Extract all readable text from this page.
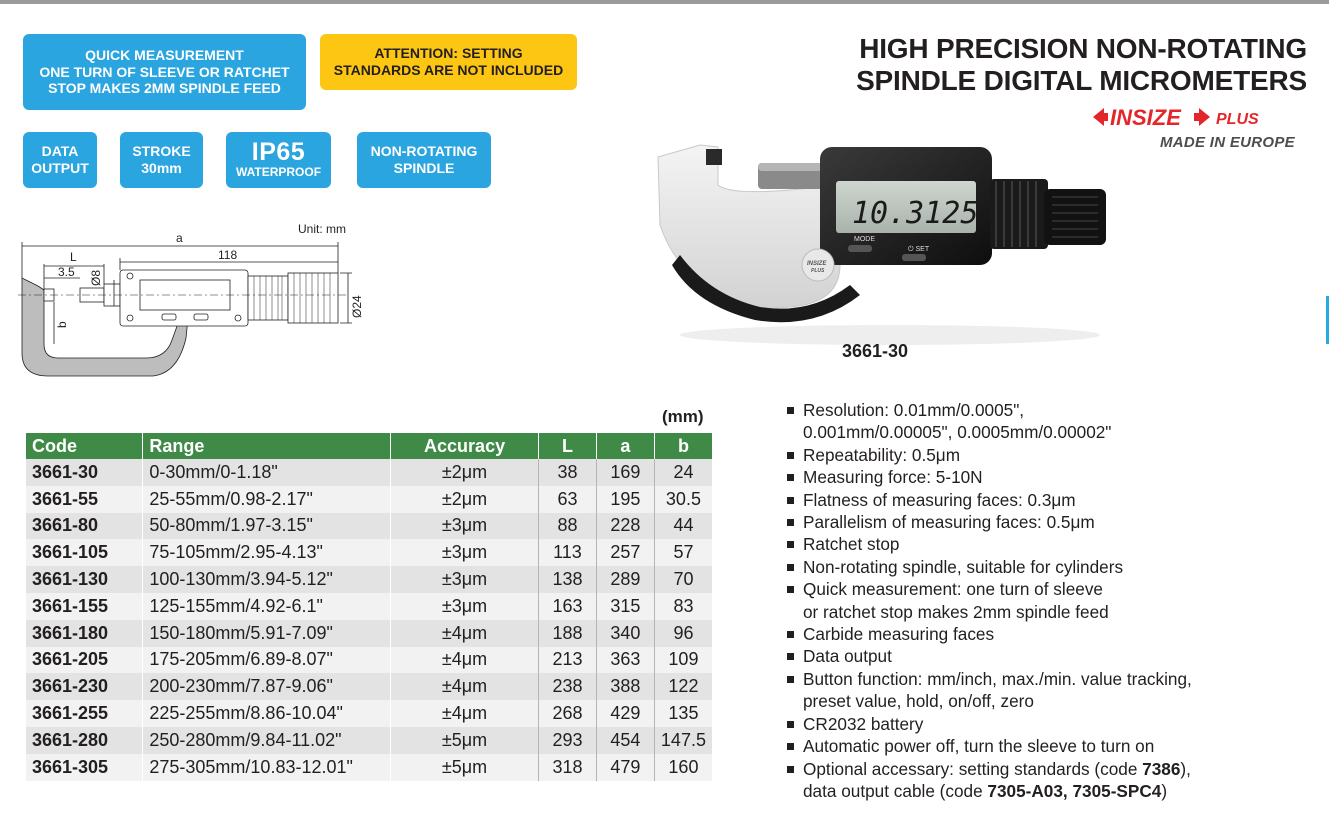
QUICK MEASUREMENT
ONE TURN OF SLEEVE OR RATCHET
STOP MAKES 2MM SPINDLE FEED
ATTENTION: SETTING
STANDARDS ARE NOT INCLUDED
DATA
OUTPUT
STROKE
30mm
IP65
WATERPROOF
NON-ROTATING
SPINDLE
Unit: mm
a
118
L
3.5
b
Ø8
Ø24
HIGH PRECISION NON-ROTATING
SPINDLE DIGITAL MICROMETERS
INSIZE PLUS
MADE IN EUROPE
10.3125
MODE
⏻ SET
INSIZE
PLUS
3661-30
(mm)
Code	Range	Accuracy	L	a	b
3661-30	0-30mm/0-1.18"	±2μm	38	169	24
3661-55	25-55mm/0.98-2.17"	±2μm	63	195	30.5
3661-80	50-80mm/1.97-3.15"	±3μm	88	228	44
3661-105	75-105mm/2.95-4.13"	±3μm	113	257	57
3661-130	100-130mm/3.94-5.12"	±3μm	138	289	70
3661-155	125-155mm/4.92-6.1"	±3μm	163	315	83
3661-180	150-180mm/5.91-7.09"	±4μm	188	340	96
3661-205	175-205mm/6.89-8.07"	±4μm	213	363	109
3661-230	200-230mm/7.87-9.06"	±4μm	238	388	122
3661-255	225-255mm/8.86-10.04"	±4μm	268	429	135
3661-280	250-280mm/9.84-11.02"	±5μm	293	454	147.5
3661-305	275-305mm/10.83-12.01"	±5μm	318	479	160
Resolution: 0.01mm/0.0005",
0.001mm/0.00005", 0.0005mm/0.00002"
Repeatability: 0.5μm
Measuring force: 5-10N
Flatness of measuring faces: 0.3μm
Parallelism of measuring faces: 0.5μm
Ratchet stop
Non-rotating spindle, suitable for cylinders
Quick measurement: one turn of sleeve
or ratchet stop makes 2mm spindle feed
Carbide measuring faces
Data output
Button function: mm/inch, max./min. value tracking,
preset value, hold, on/off, zero
CR2032 battery
Automatic power off, turn the sleeve to turn on
Optional accessary: setting standards (code 7386),
data output cable (code 7305-A03, 7305-SPC4)
